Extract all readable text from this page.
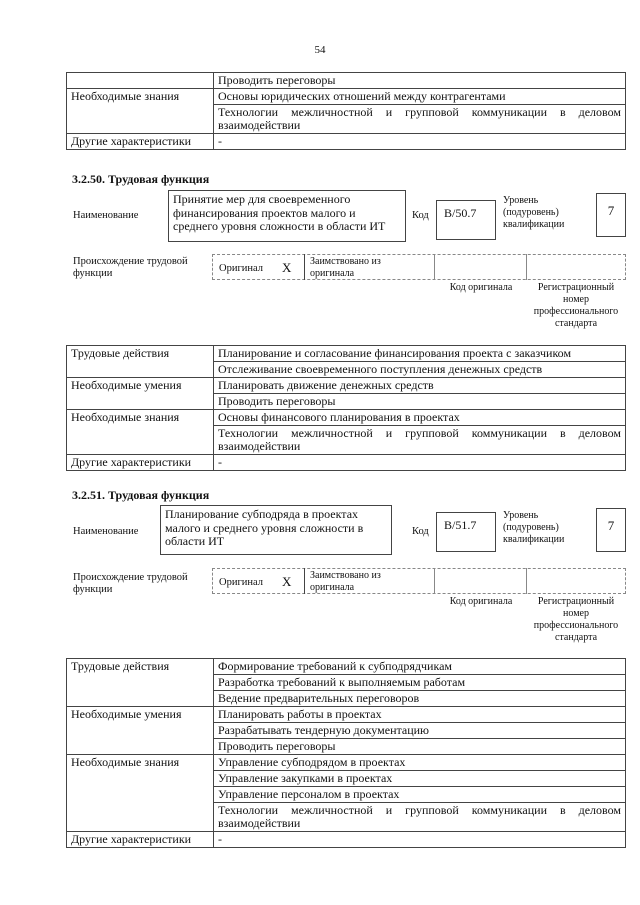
54
	Проводить переговоры
Необходимые знания	Основы юридических отношений между контрагентами
	Технологии межличностной и групповой коммуникации в деловом взаимодействии
Другие характеристики	-
3.2.50. Трудовая функция
Наименование
Принятие мер для своевременного финансирования проектов малого и среднего уровня сложности в области ИТ
Код	B/50.7
Уровень (подуровень) квалификации
7
Происхождение трудовой функции	Оригинал X Заимствовано из оригинала
Код оригинала	Регистрационный номер профессионального стандарта
Трудовые действия	Планирование и согласование финансирования проекта с заказчиком
	Отслеживание своевременного поступления денежных средств
Необходимые умения	Планировать движение денежных средств
	Проводить переговоры
Необходимые знания	Основы финансового планирования в проектах
	Технологии межличностной и групповой коммуникации в деловом взаимодействии
Другие характеристики	-
3.2.51. Трудовая функция
Наименование
Планирование субподряда в проектах малого и среднего уровня сложности в области ИТ
Код	B/51.7
Уровень (подуровень) квалификации
7
Происхождение трудовой функции
Оригинал X Заимствовано из оригинала
Код оригинала	Регистрационный номер профессионального стандарта
Трудовые действия	Формирование требований к субподрядчикам
	Разработка требований к выполняемым работам
	Ведение предварительных переговоров
Необходимые умения	Планировать работы в проектах
	Разрабатывать тендерную документацию
	Проводить переговоры
Необходимые знания	Управление субподрядом в проектах
	Управление закупками в проектах
	Управление персоналом в проектах
	Технологии межличностной и групповой коммуникации в деловом взаимодействии
Другие характеристики	-
